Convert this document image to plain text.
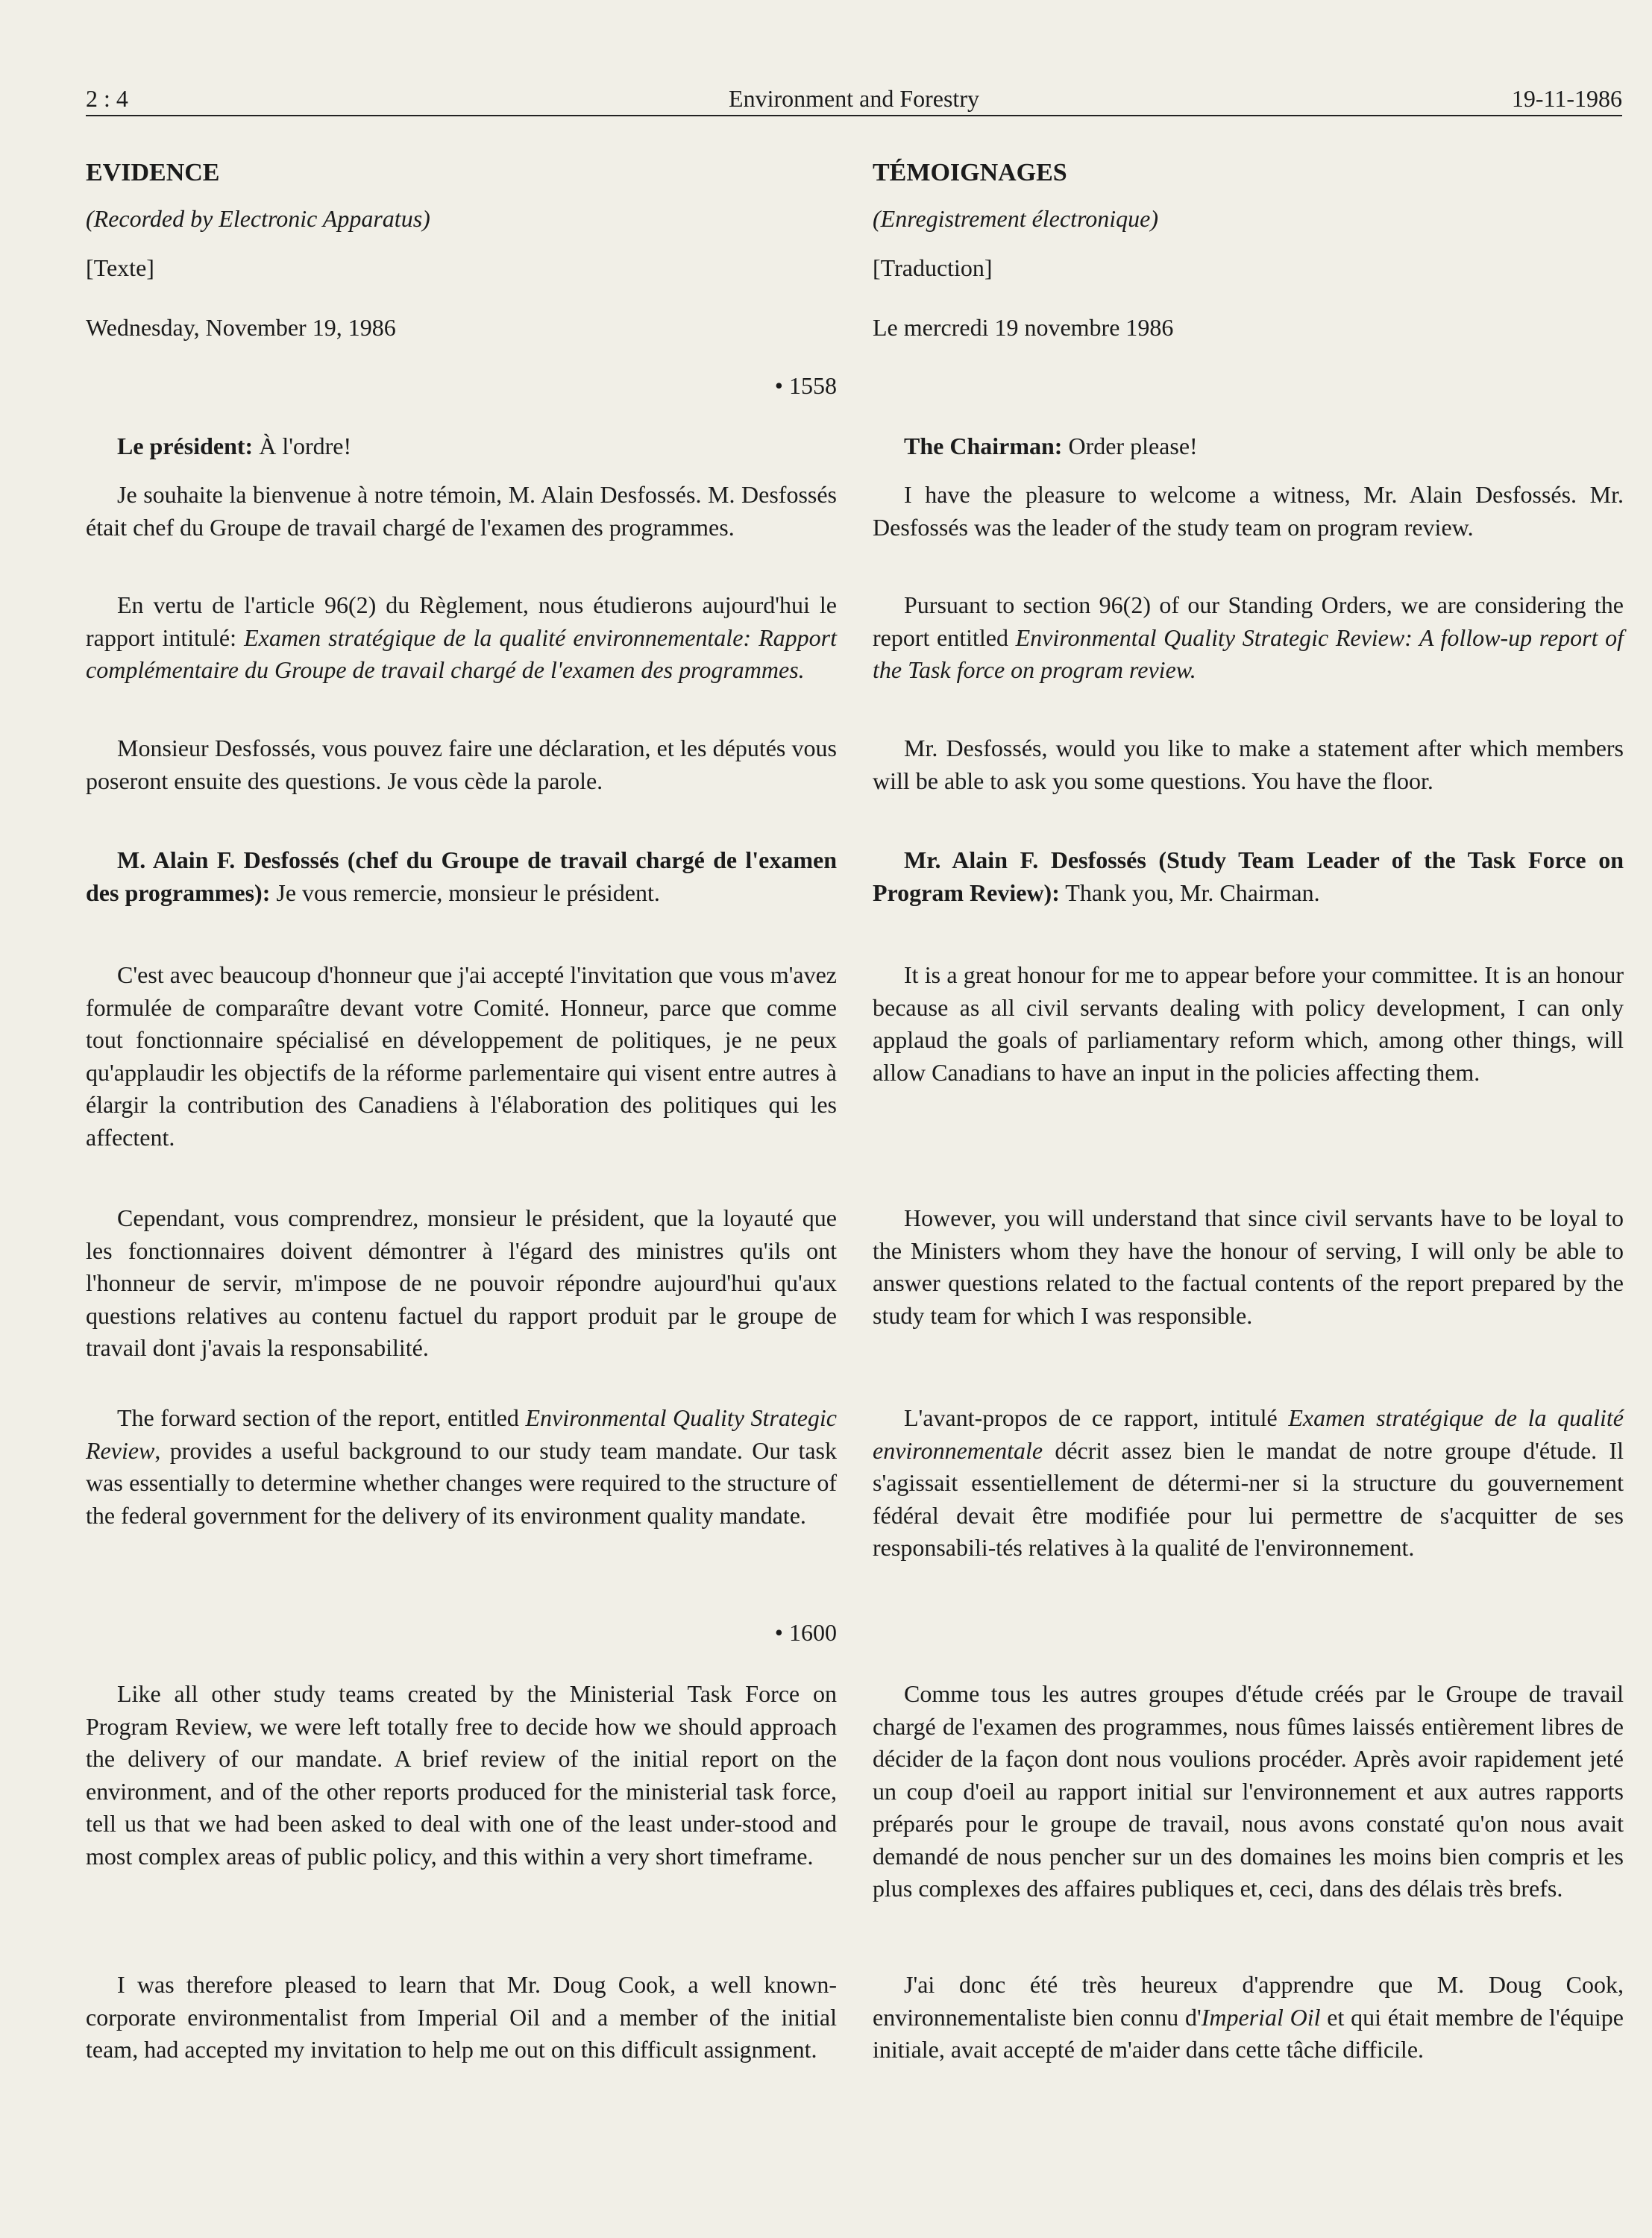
2 : 4	Environment and Forestry	19-11-1986
EVIDENCE
(Recorded by Electronic Apparatus)
[Texte]
Wednesday, November 19, 1986
• 1558

Le président: À l'ordre!

Je souhaite la bienvenue à notre témoin, M. Alain Desfossés. M. Desfossés était chef du Groupe de travail chargé de l'examen des programmes.

En vertu de l'article 96(2) du Règlement, nous étudierons aujourd'hui le rapport intitulé: Examen stratégique de la qualité environnementale: Rapport complémentaire du Groupe de travail chargé de l'examen des programmes.

Monsieur Desfossés, vous pouvez faire une déclaration, et les députés vous poseront ensuite des questions. Je vous cède la parole.

M. Alain F. Desfossés (chef du Groupe de travail chargé de l'examen des programmes): Je vous remercie, monsieur le président.

C'est avec beaucoup d'honneur que j'ai accepté l'invitation que vous m'avez formulée de comparaître devant votre Comité. Honneur, parce que comme tout fonctionnaire spécialisé en développement de politiques, je ne peux qu'applaudir les objectifs de la réforme parlementaire qui visent entre autres à élargir la contribution des Canadiens à l'élaboration des politiques qui les affectent.

Cependant, vous comprendrez, monsieur le président, que la loyauté que les fonctionnaires doivent démontrer à l'égard des ministres qu'ils ont l'honneur de servir, m'impose de ne pouvoir répondre aujourd'hui qu'aux questions relatives au contenu factuel du rapport produit par le groupe de travail dont j'avais la responsabilité.

The forward section of the report, entitled Environmental Quality Strategic Review, provides a useful background to our study team mandate. Our task was essentially to determine whether changes were required to the structure of the federal government for the delivery of its environment quality mandate.

• 1600

Like all other study teams created by the Ministerial Task Force on Program Review, we were left totally free to decide how we should approach the delivery of our mandate. A brief review of the initial report on the environment, and of the other reports produced for the ministerial task force, tell us that we had been asked to deal with one of the least under-stood and most complex areas of public policy, and this within a very short timeframe.

I was therefore pleased to learn that Mr. Doug Cook, a well known-corporate environmentalist from Imperial Oil and a member of the initial team, had accepted my invitation to help me out on this difficult assignment.

TÉMOIGNAGES
(Enregistrement électronique)
[Traduction]
Le mercredi 19 novembre 1986

The Chairman: Order please!

I have the pleasure to welcome a witness, Mr. Alain Desfossés. Mr. Desfossés was the leader of the study team on program review.

Pursuant to section 96(2) of our Standing Orders, we are considering the report entitled Environmental Quality Strategic Review: A follow-up report of the Task force on program review.

Mr. Desfossés, would you like to make a statement after which members will be able to ask you some questions. You have the floor.

Mr. Alain F. Desfossés (Study Team Leader of the Task Force on Program Review): Thank you, Mr. Chairman.

It is a great honour for me to appear before your committee. It is an honour because as all civil servants dealing with policy development, I can only applaud the goals of parliamentary reform which, among other things, will allow Canadians to have an input in the policies affecting them.

However, you will understand that since civil servants have to be loyal to the Ministers whom they have the honour of serving, I will only be able to answer questions related to the factual contents of the report prepared by the study team for which I was responsible.

L'avant-propos de ce rapport, intitulé Examen stratégique de la qualité environnementale décrit assez bien le mandat de notre groupe d'étude. Il s'agissait essentiellement de détermi-ner si la structure du gouvernement fédéral devait être modifiée pour lui permettre de s'acquitter de ses responsabili-tés relatives à la qualité de l'environnement.

Comme tous les autres groupes d'étude créés par le Groupe de travail chargé de l'examen des programmes, nous fûmes laissés entièrement libres de décider de la façon dont nous voulions procéder. Après avoir rapidement jeté un coup d'oeil au rapport initial sur l'environnement et aux autres rapports préparés pour le groupe de travail, nous avons constaté qu'on nous avait demandé de nous pencher sur un des domaines les moins bien compris et les plus complexes des affaires publiques et, ceci, dans des délais très brefs.

J'ai donc été très heureux d'apprendre que M. Doug Cook, environnementaliste bien connu d'Imperial Oil et qui était membre de l'équipe initiale, avait accepté de m'aider dans cette tâche difficile.
